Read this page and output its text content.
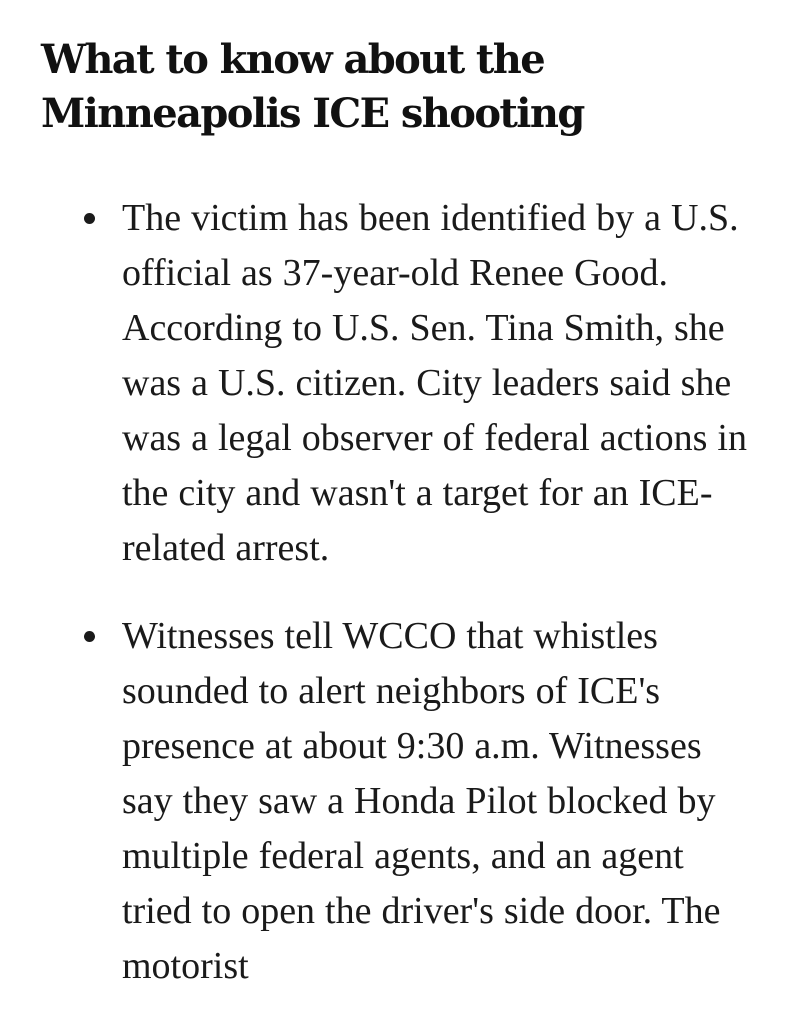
What to know about the Minneapolis ICE shooting
The victim has been identified by a U.S. official as 37-year-old Renee Good. According to U.S. Sen. Tina Smith, she was a U.S. citizen. City leaders said she was a legal observer of federal actions in the city and wasn't a target for an ICE-related arrest.
Witnesses tell WCCO that whistles sounded to alert neighbors of ICE's presence at about 9:30 a.m. Witnesses say they saw a Honda Pilot blocked by multiple federal agents, and an agent tried to open the driver's side door. The motorist
